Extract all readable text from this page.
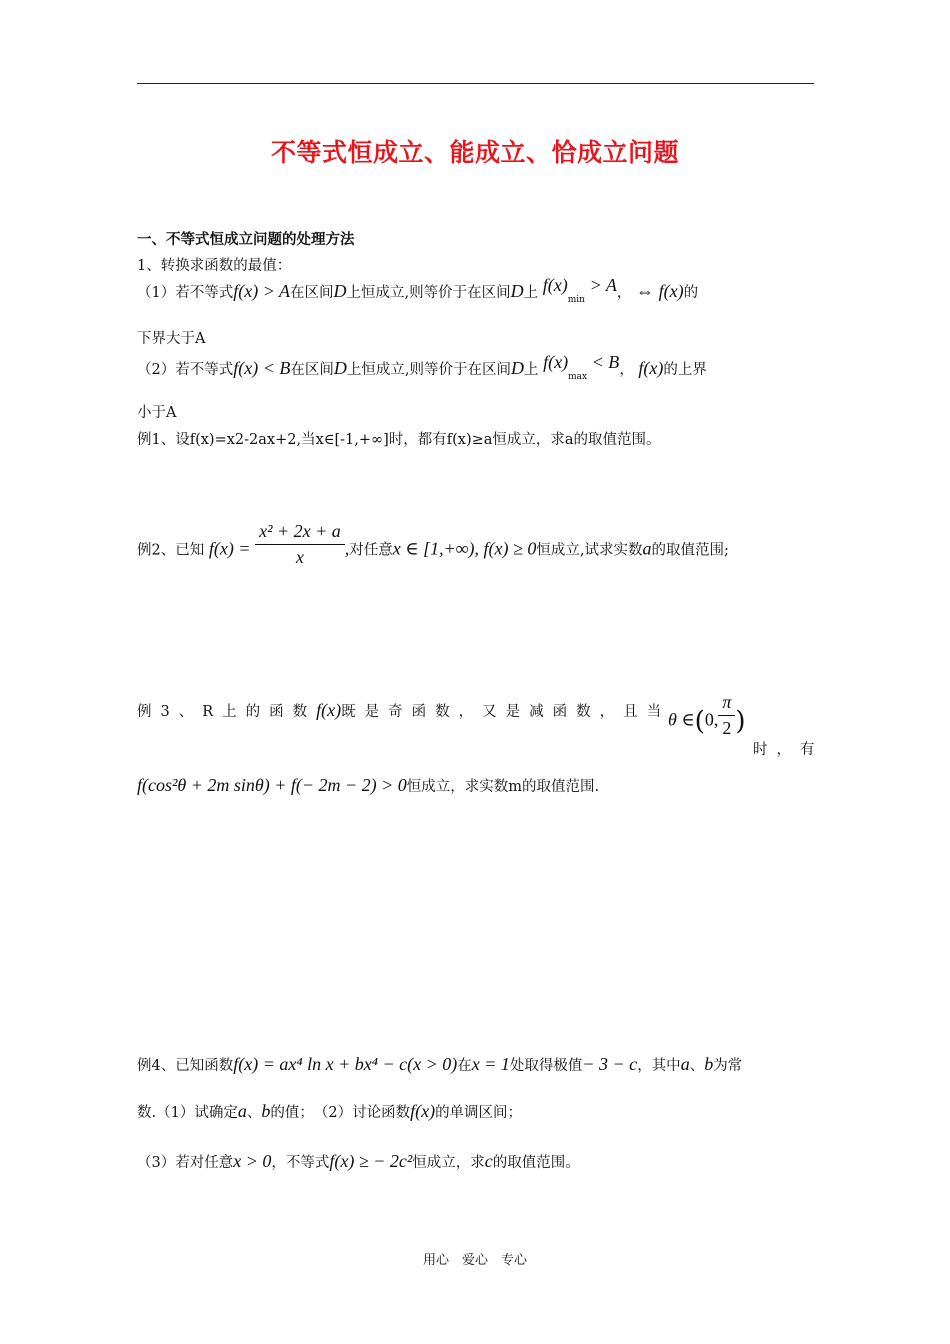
不等式恒成立、能成立、恰成立问题
一、不等式恒成立问题的处理方法
1、转换求函数的最值：
（1）若不等式f(x) > A在区间D上恒成立,则等价于在区间D上 $f(x)_{min} > A$， ⇔ f(x)的
下界大于A
（2）若不等式f(x) < B在区间D上恒成立,则等价于在区间D上 $f(x)_{max} < B$， f(x)的上界
小于A
例1、设f(x)=x2-2ax+2,当x∈[-1,+∞]时，都有f(x)≥a恒成立，求a的取值范围。
例2、已知 $f(x) = \frac{\text{x² + 2x + a}}{x}$ ,对任意x ∈ [1,+∞), f(x) ≥ 0恒成立,试求实数a的取值范围;
例3、R上的函数f(x)既是奇函数，又是减函数，且当
θ ∈(0, $\frac{\pi}{2}$ )
时，有
f(cos²θ + 2m sinθ) + f(− 2m − 2) > 0恒成立，求实数m的取值范围.
例4、已知函数f(x) = ax⁴ ln x + bx⁴ − c(x > 0)在x = 1处取得极值− 3 − c，其中a、b为常
数.（1）试确定a、b的值；　（2）讨论函数f(x)的单调区间；
（3）若对任意x > 0，不等式f(x) ≥ − 2c²恒成立，求c的取值范围。
用心　爱心　专心
